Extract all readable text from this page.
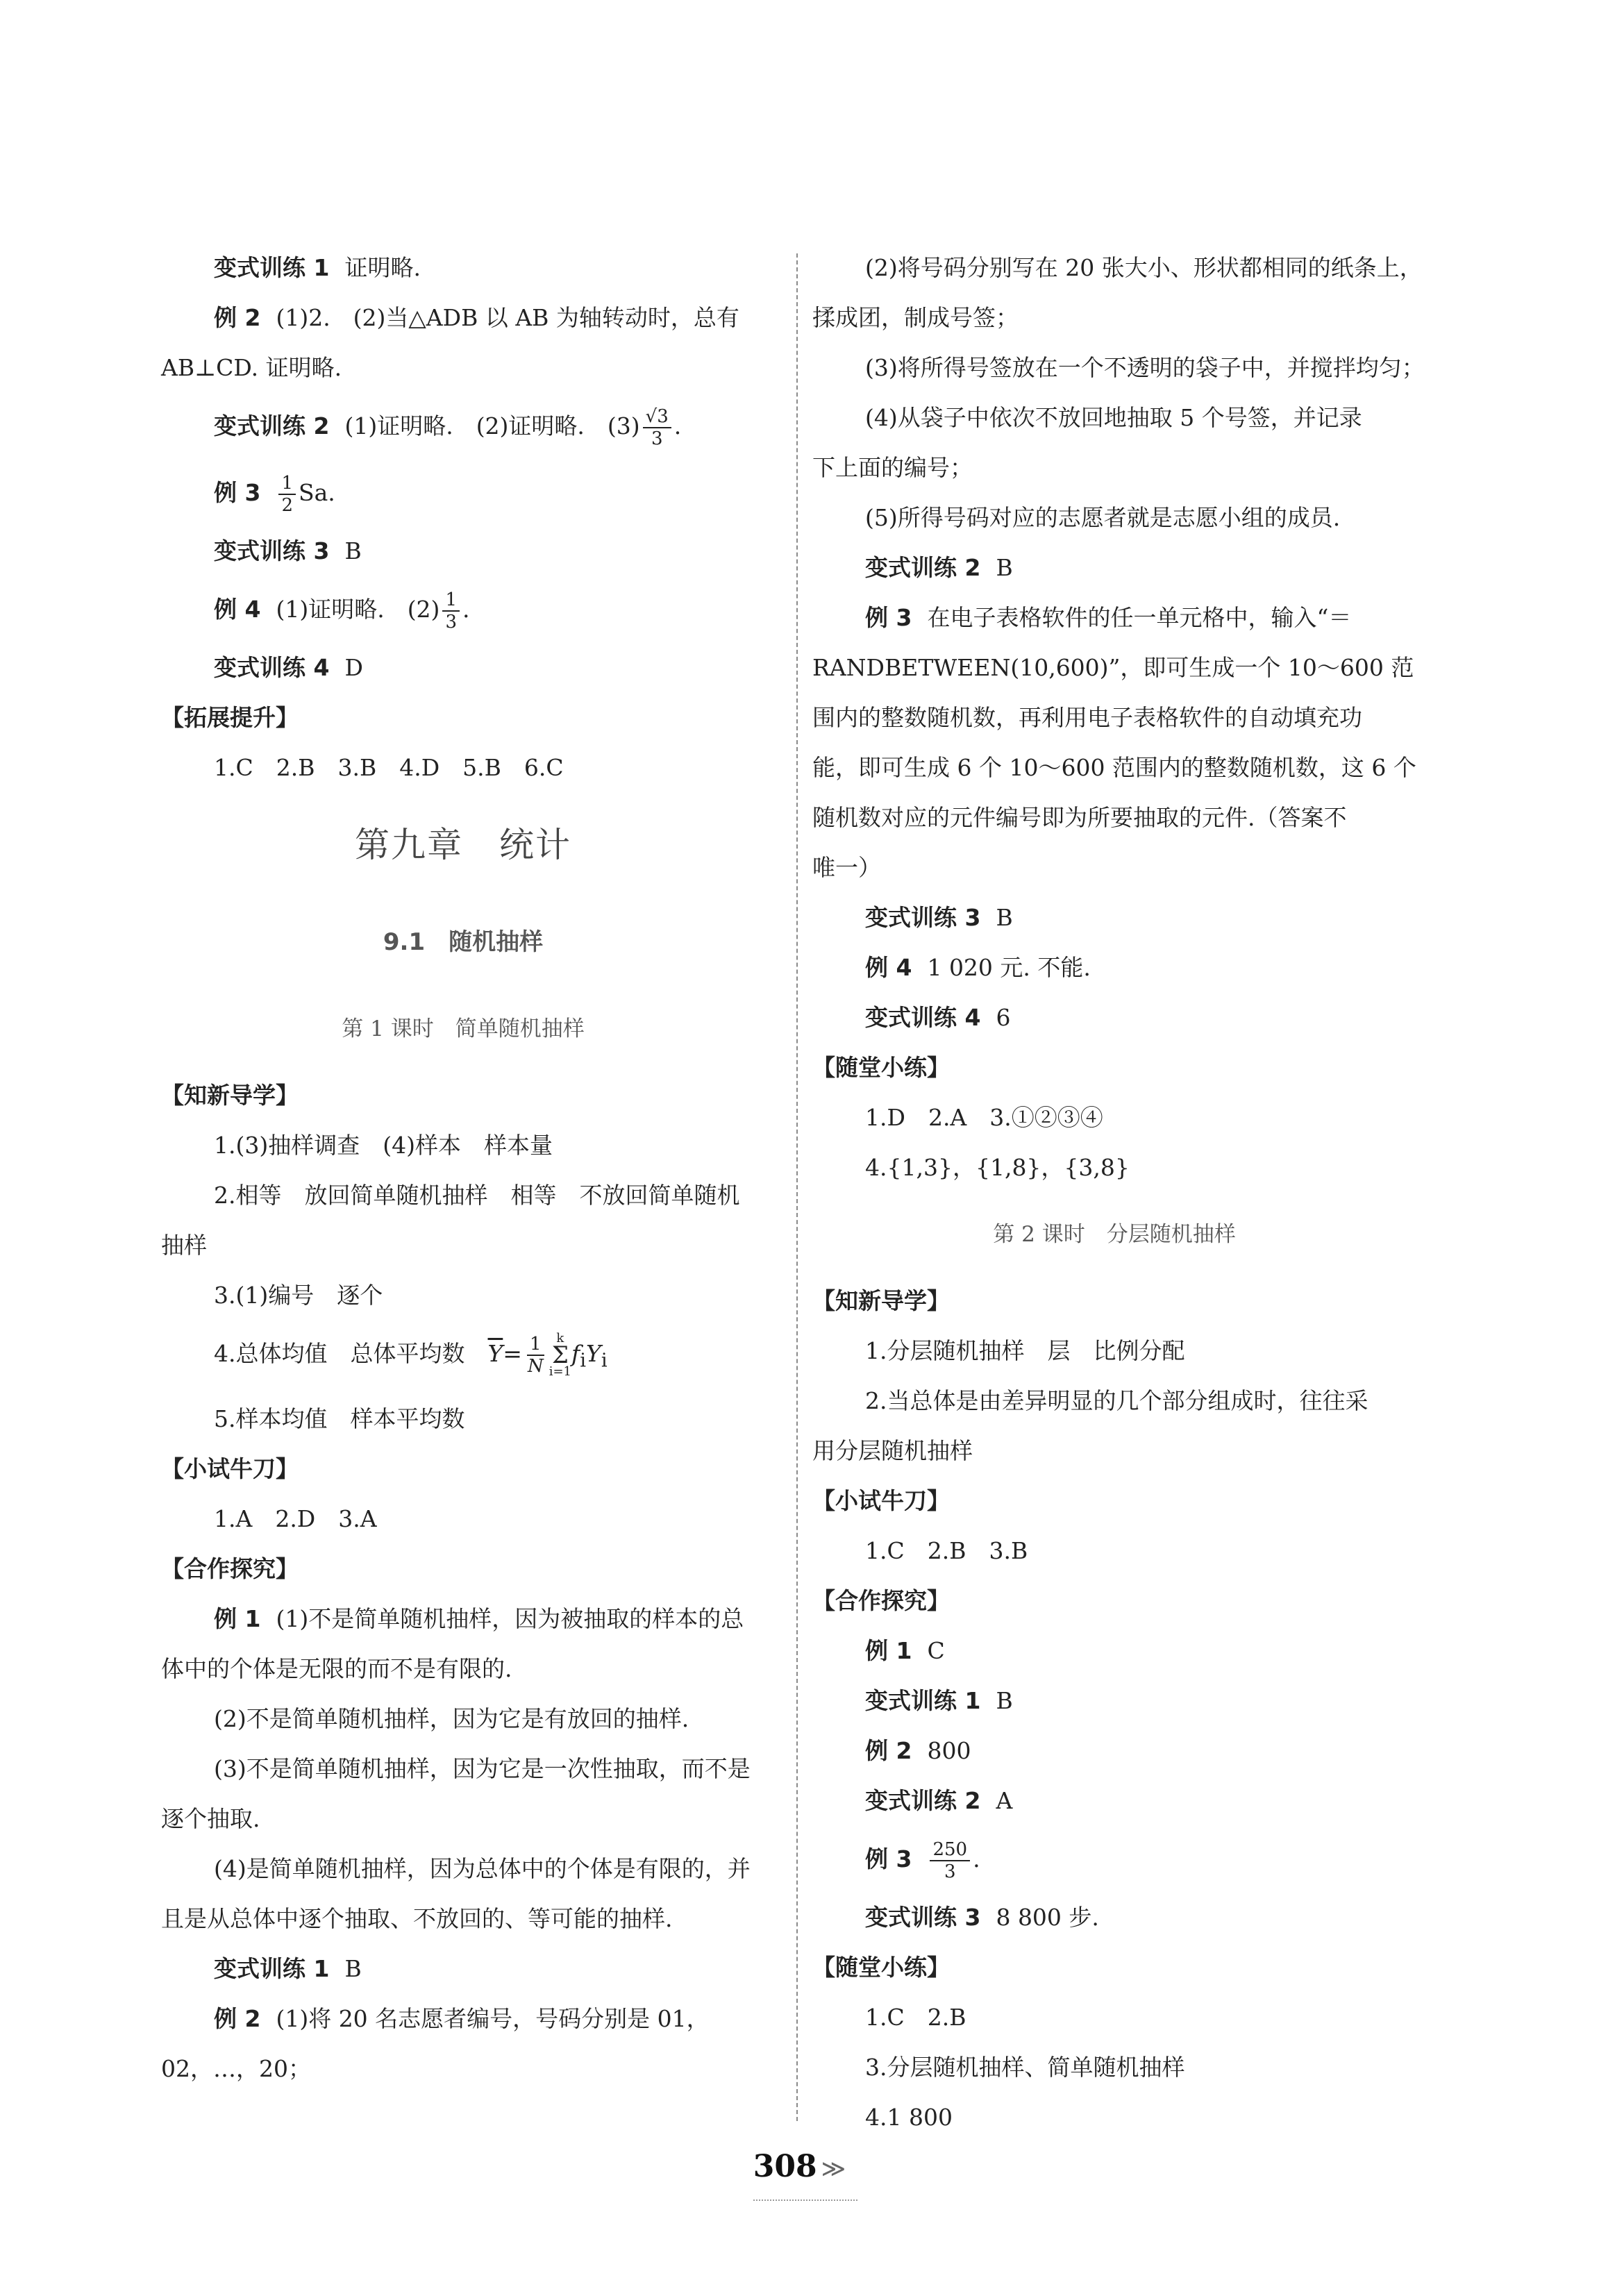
变式训练 1 证明略.

例 2 (1)2.　(2)当△ADB 以 AB 为轴转动时，总有

AB⊥CD. 证明略.

变式训练 2 (1)证明略.　(2)证明略.　$(3) \frac{√3}{3}$ .

例 $3 \frac{1}{2} Sa$.

变式训练 3 B

例 4 (1)证明略.　$(2) \frac{1}{3}$ .

变式训练 4 D

【拓展提升】

1.C　2.B　3.B　4.D　5.B　6.C

第九章　统计

9.1　随机抽样

第 1 课时　简单随机抽样

【知新导学】

1.(3)抽样调查　(4)样本　样本量

2.相等　放回简单随机抽样　相等　不放回简单随机

抽样

3.(1)编号　逐个

4.总体均值　总体平均数　$\overline{Y}= \frac{1}{N}$ k
Σ
i=1
$f_iY_i$

5.样本均值　样本平均数

【小试牛刀】

1.A　2.D　3.A

【合作探究】

例 1 (1)不是简单随机抽样，因为被抽取的样本的总

体中的个体是无限的而不是有限的.

(2)不是简单随机抽样，因为它是有放回的抽样.

(3)不是简单随机抽样，因为它是一次性抽取，而不是

逐个抽取.

(4)是简单随机抽样，因为总体中的个体是有限的，并

且是从总体中逐个抽取、不放回的、等可能的抽样.

变式训练 1 B

例 2 (1)将 20 名志愿者编号，号码分别是 01，

02，…，20；

(2)将号码分别写在 20 张大小、形状都相同的纸条上，

揉成团，制成号签；

(3)将所得号签放在一个不透明的袋子中，并搅拌均匀；

(4)从袋子中依次不放回地抽取 5 个号签，并记录

下上面的编号；

(5)所得号码对应的志愿者就是志愿小组的成员.

变式训练 2 B

例 3 在电子表格软件的任一单元格中，输入“＝

RANDBETWEEN(10,600)”，即可生成一个 10～600 范

围内的整数随机数，再利用电子表格软件的自动填充功

能，即可生成 6 个 10～600 范围内的整数随机数，这 6 个

随机数对应的元件编号即为所要抽取的元件.（答案不

唯一）

变式训练 3 B

例 4 1 020 元. 不能.

变式训练 4 6

【随堂小练】

1.D　2.A　3.①②③④

4.{1,3}，{1,8}，{3,8}

第 2 课时　分层随机抽样

【知新导学】

1.分层随机抽样　层　比例分配

2.当总体是由差异明显的几个部分组成时，往往采

用分层随机抽样

【小试牛刀】

1.C　2.B　3.B

【合作探究】

例 1 C

变式训练 1 B

例 2 800

变式训练 2 A

例 $3 \frac{250}{3}$ .

变式训练 3 8 800 步.

【随堂小练】

1.C　2.B

3.分层随机抽样、简单随机抽样

4.1 800

308 ≫
